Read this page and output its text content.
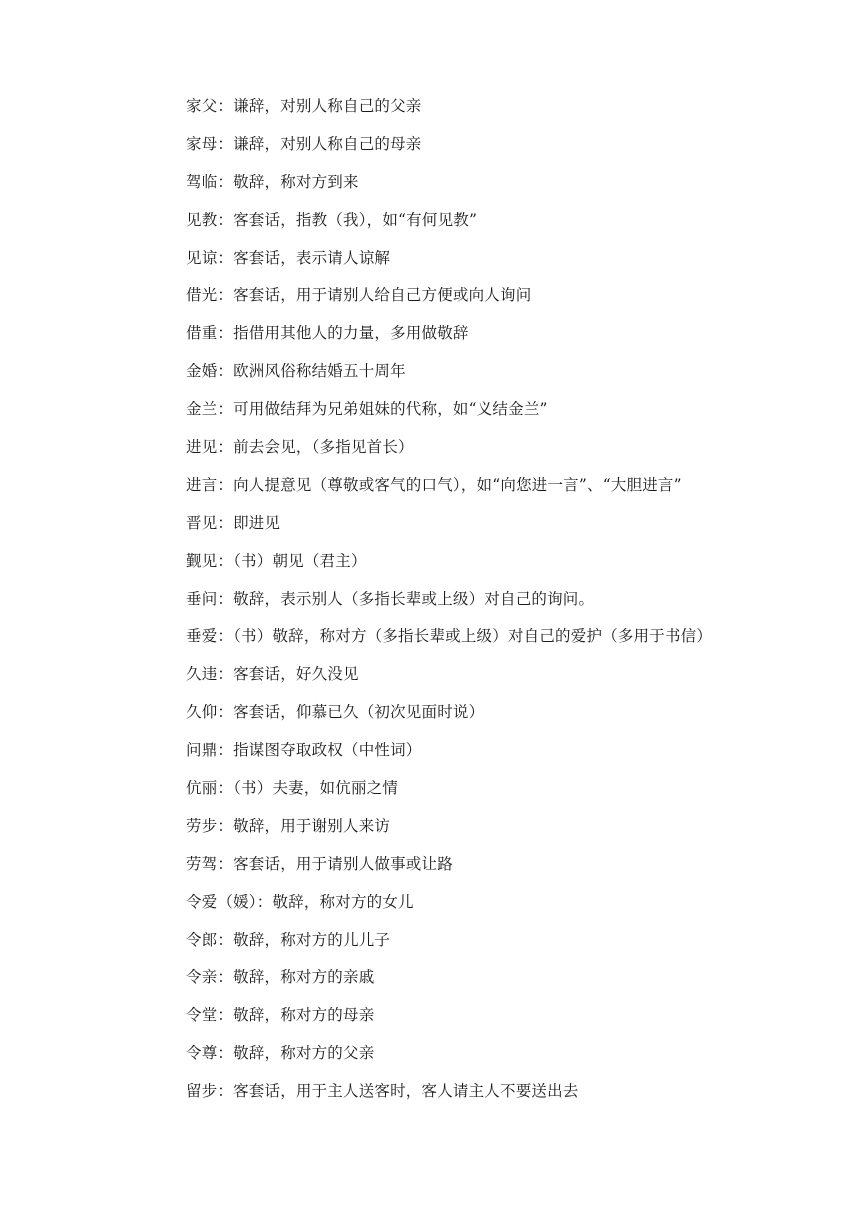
家父：谦辞，对别人称自己的父亲
家母：谦辞，对别人称自己的母亲
驾临：敬辞，称对方到来
见教：客套话，指教（我），如“有何见教”
见谅：客套话，表示请人谅解
借光：客套话，用于请别人给自己方便或向人询问
借重：指借用其他人的力量，多用做敬辞
金婚：欧洲风俗称结婚五十周年
金兰：可用做结拜为兄弟姐妹的代称，如“义结金兰”
进见：前去会见，（多指见首长）
进言：向人提意见（尊敬或客气的口气），如“向您进一言”、“大胆进言”
晋见：即进见
觐见：（书）朝见（君主）
垂问：敬辞，表示别人（多指长辈或上级）对自己的询问。
垂爱：（书）敬辞，称对方（多指长辈或上级）对自己的爱护（多用于书信）
久违：客套话，好久没见
久仰：客套话，仰慕已久（初次见面时说）
问鼎：指谋图夺取政权（中性词）
伉丽：（书）夫妻，如伉丽之情
劳步：敬辞，用于谢别人来访
劳驾：客套话，用于请别人做事或让路
令爱（媛）：敬辞，称对方的女儿
令郎：敬辞，称对方的儿儿子
令亲：敬辞，称对方的亲戚
令堂：敬辞，称对方的母亲
令尊：敬辞，称对方的父亲
留步：客套话，用于主人送客时，客人请主人不要送出去
